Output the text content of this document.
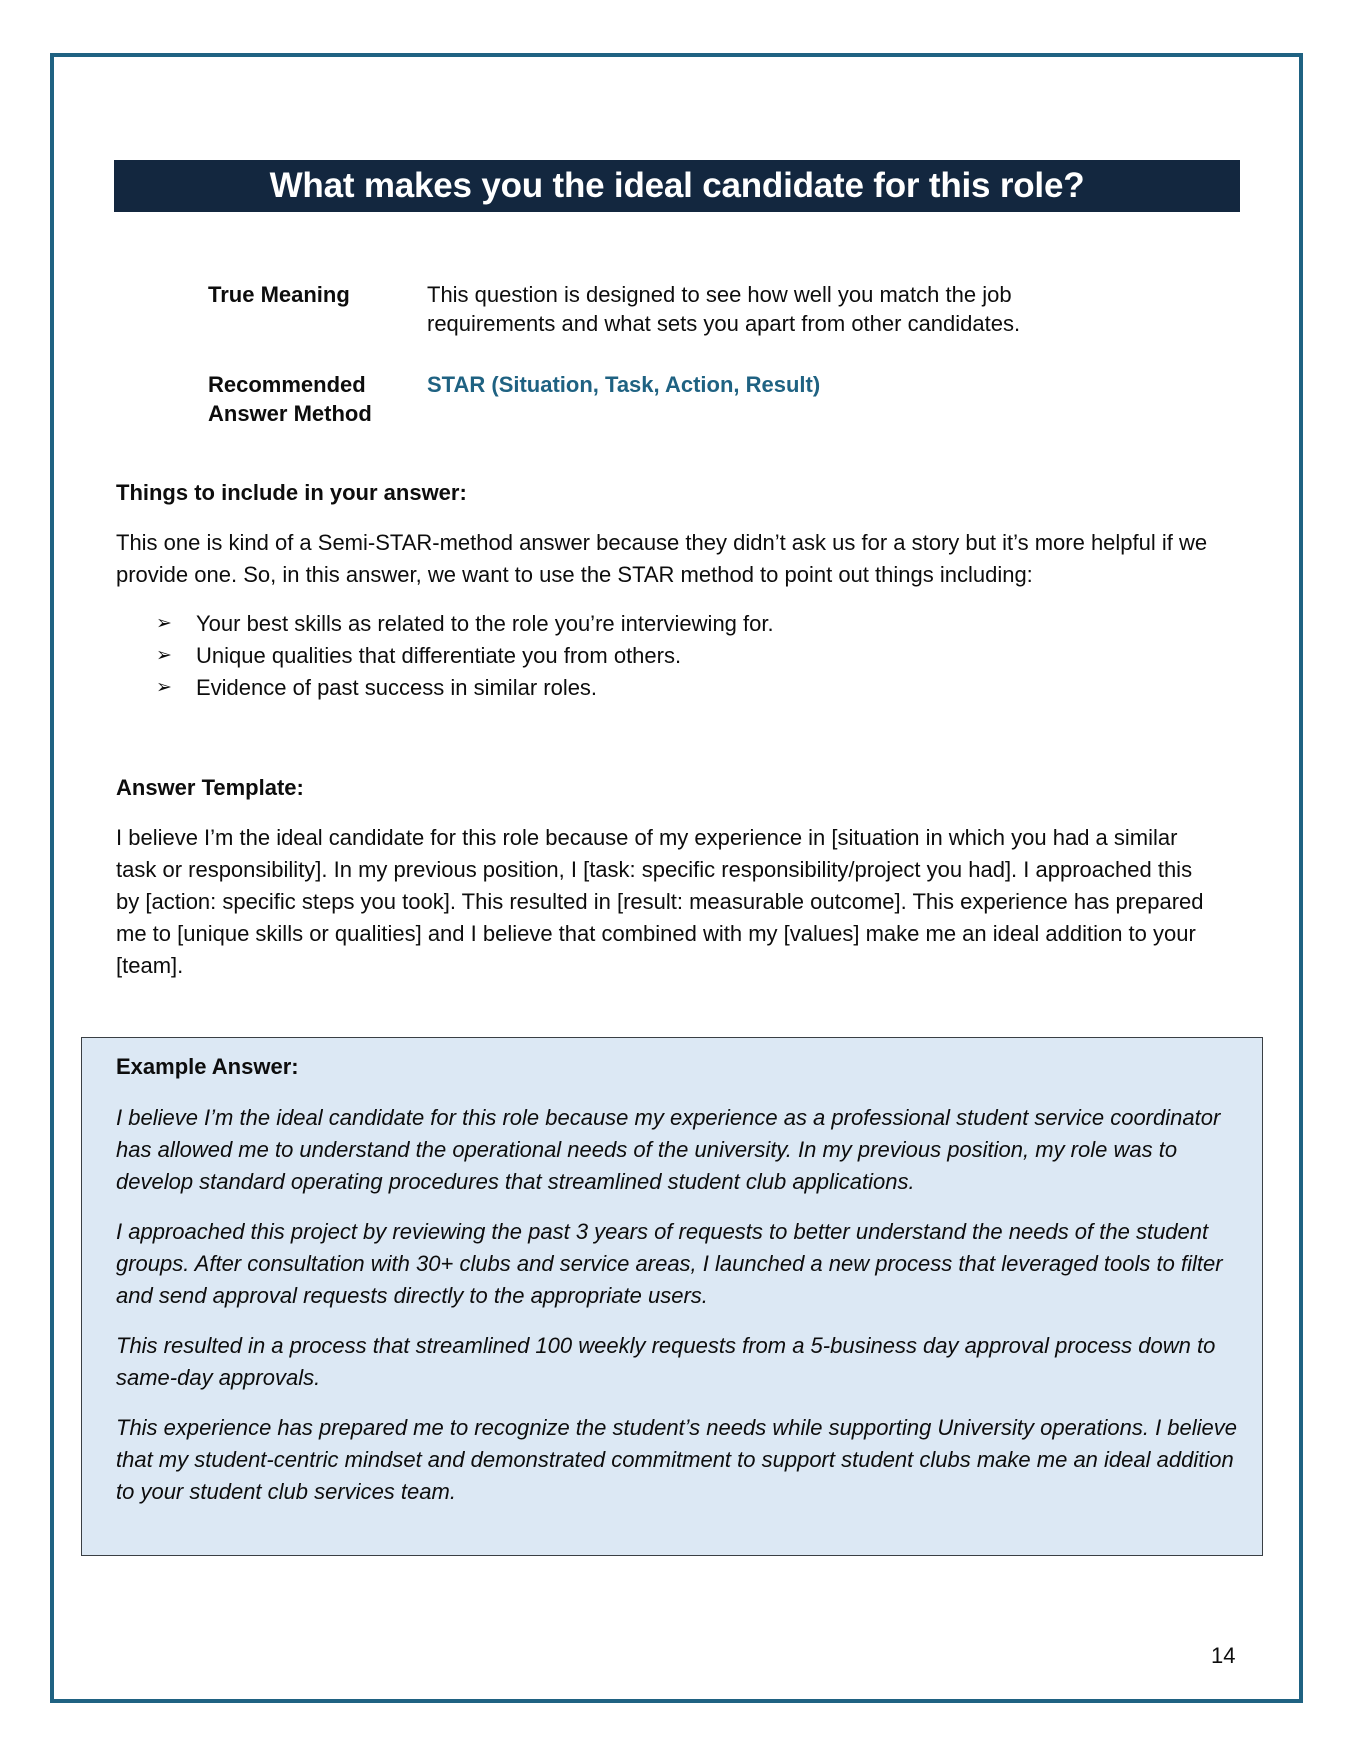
What makes you the ideal candidate for this role?
True Meaning	This question is designed to see how well you match the job requirements and what sets you apart from other candidates.
Recommended
Answer Method
STAR (Situation, Task, Action, Result)
Things to include in your answer:
This one is kind of a Semi-STAR-method answer because they didn’t ask us for a story but it’s more helpful if we provide one. So, in this answer, we want to use the STAR method to point out things including:
➢ Your best skills as related to the role you’re interviewing for.
➢ Unique qualities that differentiate you from others.
➢ Evidence of past success in similar roles.
Answer Template:
I believe I’m the ideal candidate for this role because of my experience in [situation in which you had a similar task or responsibility]. In my previous position, I [task: specific responsibility/project you had]. I approached this by [action: specific steps you took]. This resulted in [result: measurable outcome]. This experience has prepared me to [unique skills or qualities] and I believe that combined with my [values] make me an ideal addition to your [team].
Example Answer:

I believe I’m the ideal candidate for this role because my experience as a professional student service coordinator has allowed me to understand the operational needs of the university. In my previous position, my role was to develop standard operating procedures that streamlined student club applications.

I approached this project by reviewing the past 3 years of requests to better understand the needs of the student groups. After consultation with 30+ clubs and service areas, I launched a new process that leveraged tools to filter and send approval requests directly to the appropriate users.

This resulted in a process that streamlined 100 weekly requests from a 5-business day approval process down to same-day approvals.

This experience has prepared me to recognize the student’s needs while supporting University operations. I believe that my student-centric mindset and demonstrated commitment to support student clubs make me an ideal addition to your student club services team.

14
